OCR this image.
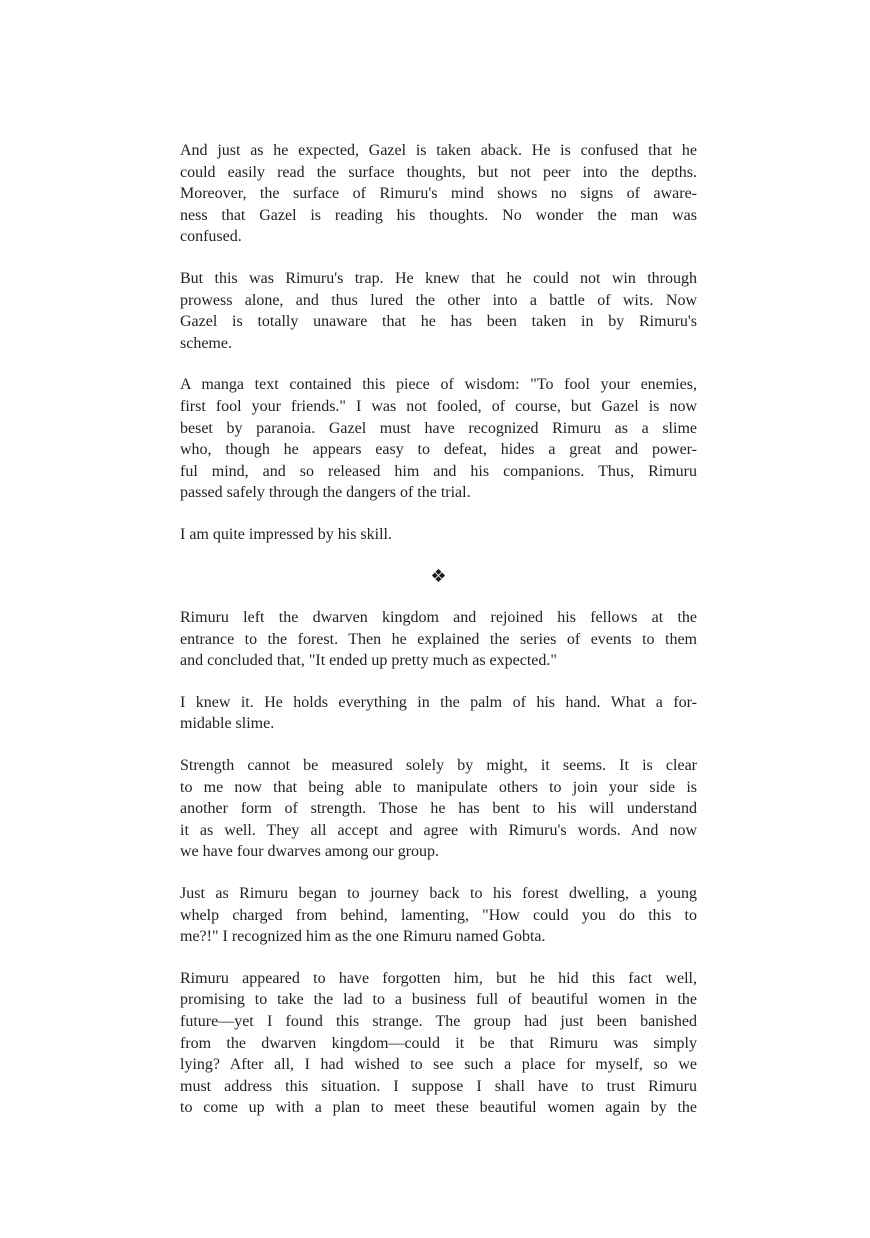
And just as he expected, Gazel is taken aback. He is confused that he
could easily read the surface thoughts, but not peer into the depths.
Moreover, the surface of Rimuru's mind shows no signs of aware-
ness that Gazel is reading his thoughts. No wonder the man was
confused.
But this was Rimuru's trap. He knew that he could not win through
prowess alone, and thus lured the other into a battle of wits. Now
Gazel is totally unaware that he has been taken in by Rimuru's
scheme.
A manga text contained this piece of wisdom: "To fool your enemies,
first fool your friends." I was not fooled, of course, but Gazel is now
beset by paranoia. Gazel must have recognized Rimuru as a slime
who, though he appears easy to defeat, hides a great and power-
ful mind, and so released him and his companions. Thus, Rimuru
passed safely through the dangers of the trial.
I am quite impressed by his skill.
❖
Rimuru left the dwarven kingdom and rejoined his fellows at the
entrance to the forest. Then he explained the series of events to them
and concluded that, "It ended up pretty much as expected."
I knew it. He holds everything in the palm of his hand. What a for-
midable slime.
Strength cannot be measured solely by might, it seems. It is clear
to me now that being able to manipulate others to join your side is
another form of strength. Those he has bent to his will understand
it as well. They all accept and agree with Rimuru's words. And now
we have four dwarves among our group.
Just as Rimuru began to journey back to his forest dwelling, a young
whelp charged from behind, lamenting, "How could you do this to
me?!" I recognized him as the one Rimuru named Gobta.
Rimuru appeared to have forgotten him, but he hid this fact well,
promising to take the lad to a business full of beautiful women in the
future—yet I found this strange. The group had just been banished
from the dwarven kingdom—could it be that Rimuru was simply
lying? After all, I had wished to see such a place for myself, so we
must address this situation. I suppose I shall have to trust Rimuru
to come up with a plan to meet these beautiful women again by the
